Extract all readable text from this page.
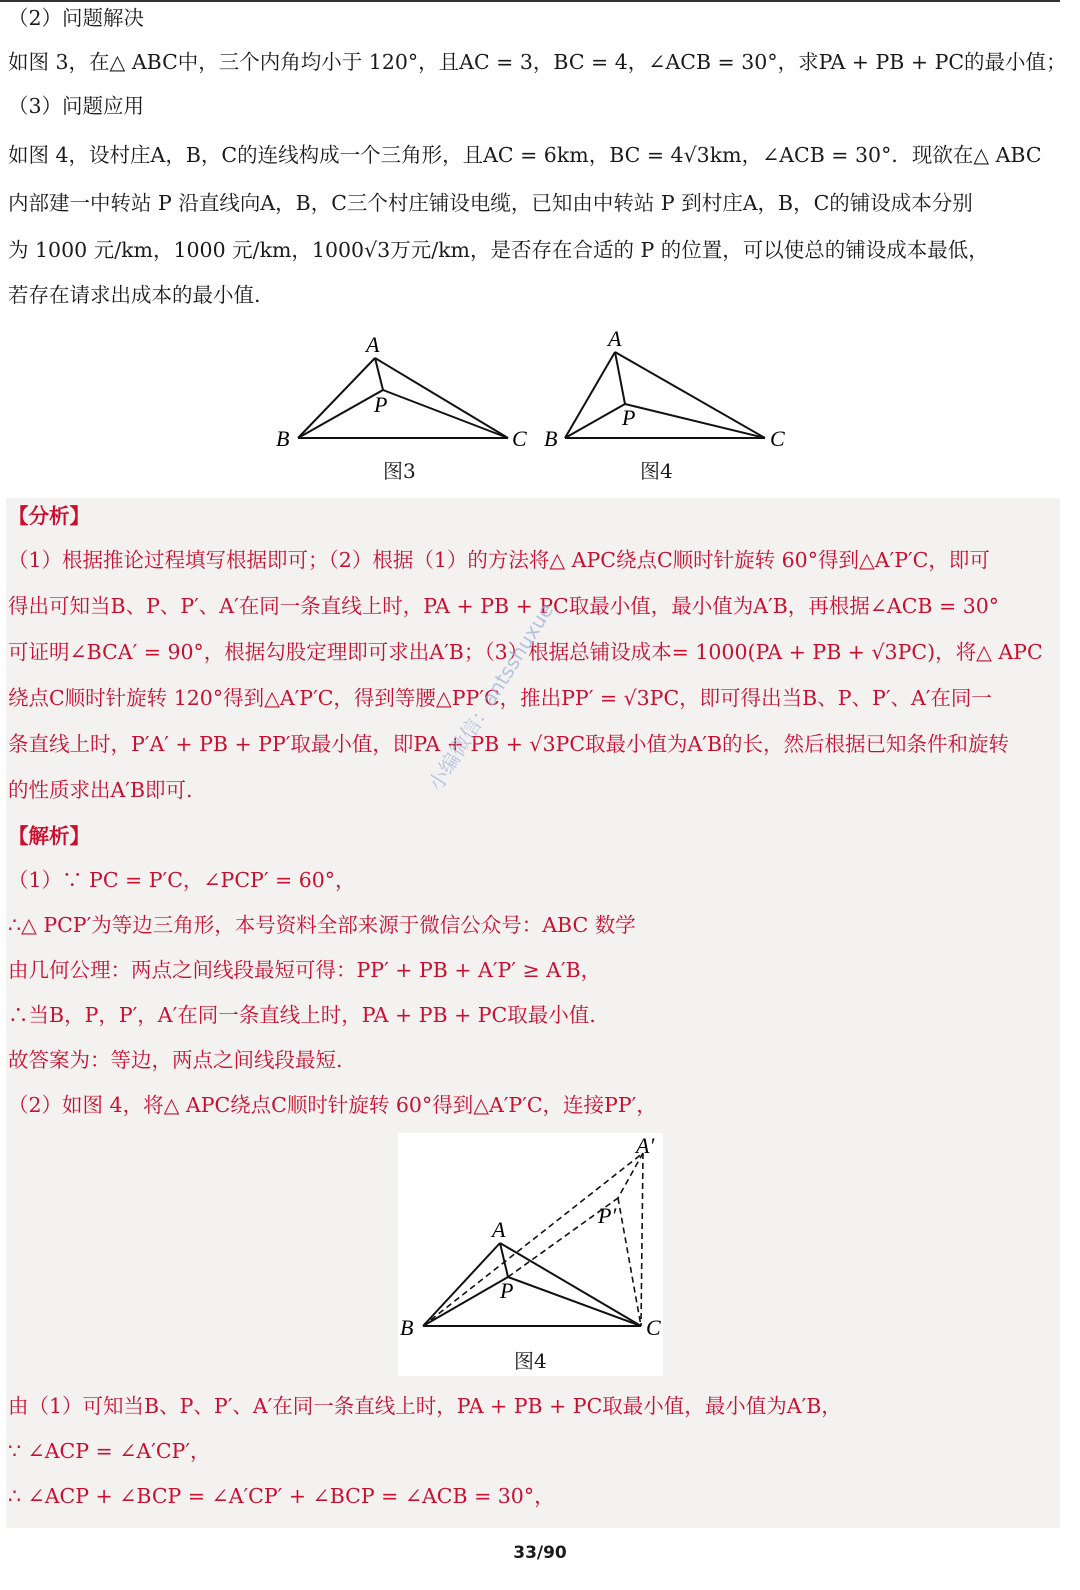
（2）问题解决
如图 3，在△ ABC中，三个内角均小于 120°，且AC = 3，BC = 4，∠ACB = 30°，求PA + PB + PC的最小值；
（3）问题应用
如图 4，设村庄A，B，C的连线构成一个三角形，且AC = 6km，BC = 4√3km，∠ACB = 30°．现欲在△ ABC
内部建一中转站 P 沿直线向A，B，C三个村庄铺设电缆，已知由中转站 P 到村庄A，B，C的铺设成本分别
为 1000 元/km，1000 元/km，1000√3万元/km，是否存在合适的 P 的位置，可以使总的铺设成本最低，
若存在请求出成本的最小值.
A
B	C
P
图3
A
B	C
P
图4
【分析】
（1）根据推论过程填写根据即可；（2）根据（1）的方法将△ APC绕点C顺时针旋转 60°得到△A′P′C，即可
得出可知当B、P、P′、A′在同一条直线上时，PA + PB + PC取最小值，最小值为A′B，再根据∠ACB = 30°
可证明∠BCA′ = 90°，根据勾股定理即可求出A′B；（3）根据总铺设成本= 1000(PA + PB + √3PC)，将△ APC
绕点C顺时针旋转 120°得到△A′P′C，得到等腰△PP′C，推出PP′ = √3PC，即可得出当B、P、P′、A′在同一
条直线上时，P′A′ + PB + PP′取最小值，即PA + PB + √3PC取最小值为A′B的长，然后根据已知条件和旋转
的性质求出A′B即可.
【解析】
（1）∵ PC = P′C，∠PCP′ = 60°，
∴△ PCP′为等边三角形，本号资料全部来源于微信公众号：ABC 数学
由几何公理：两点之间线段最短可得：PP′ + PB + A′P′ ≥ A′B，
∴当B，P，P′，A′在同一条直线上时，PA + PB + PC取最小值.
故答案为：等边，两点之间线段最短.
（2）如图 4，将△ APC绕点C顺时针旋转 60°得到△A′P′C，连接PP′，
A
B	C
P
A′
P′
图4
由（1）可知当B、P、P′、A′在同一条直线上时，PA + PB + PC取最小值，最小值为A′B，
∵ ∠ACP = ∠A′CP′，
∴ ∠ACP + ∠BCP = ∠A′CP′ + ∠BCP = ∠ACB = 30°，
小编微信：antsshuxue
33/90
